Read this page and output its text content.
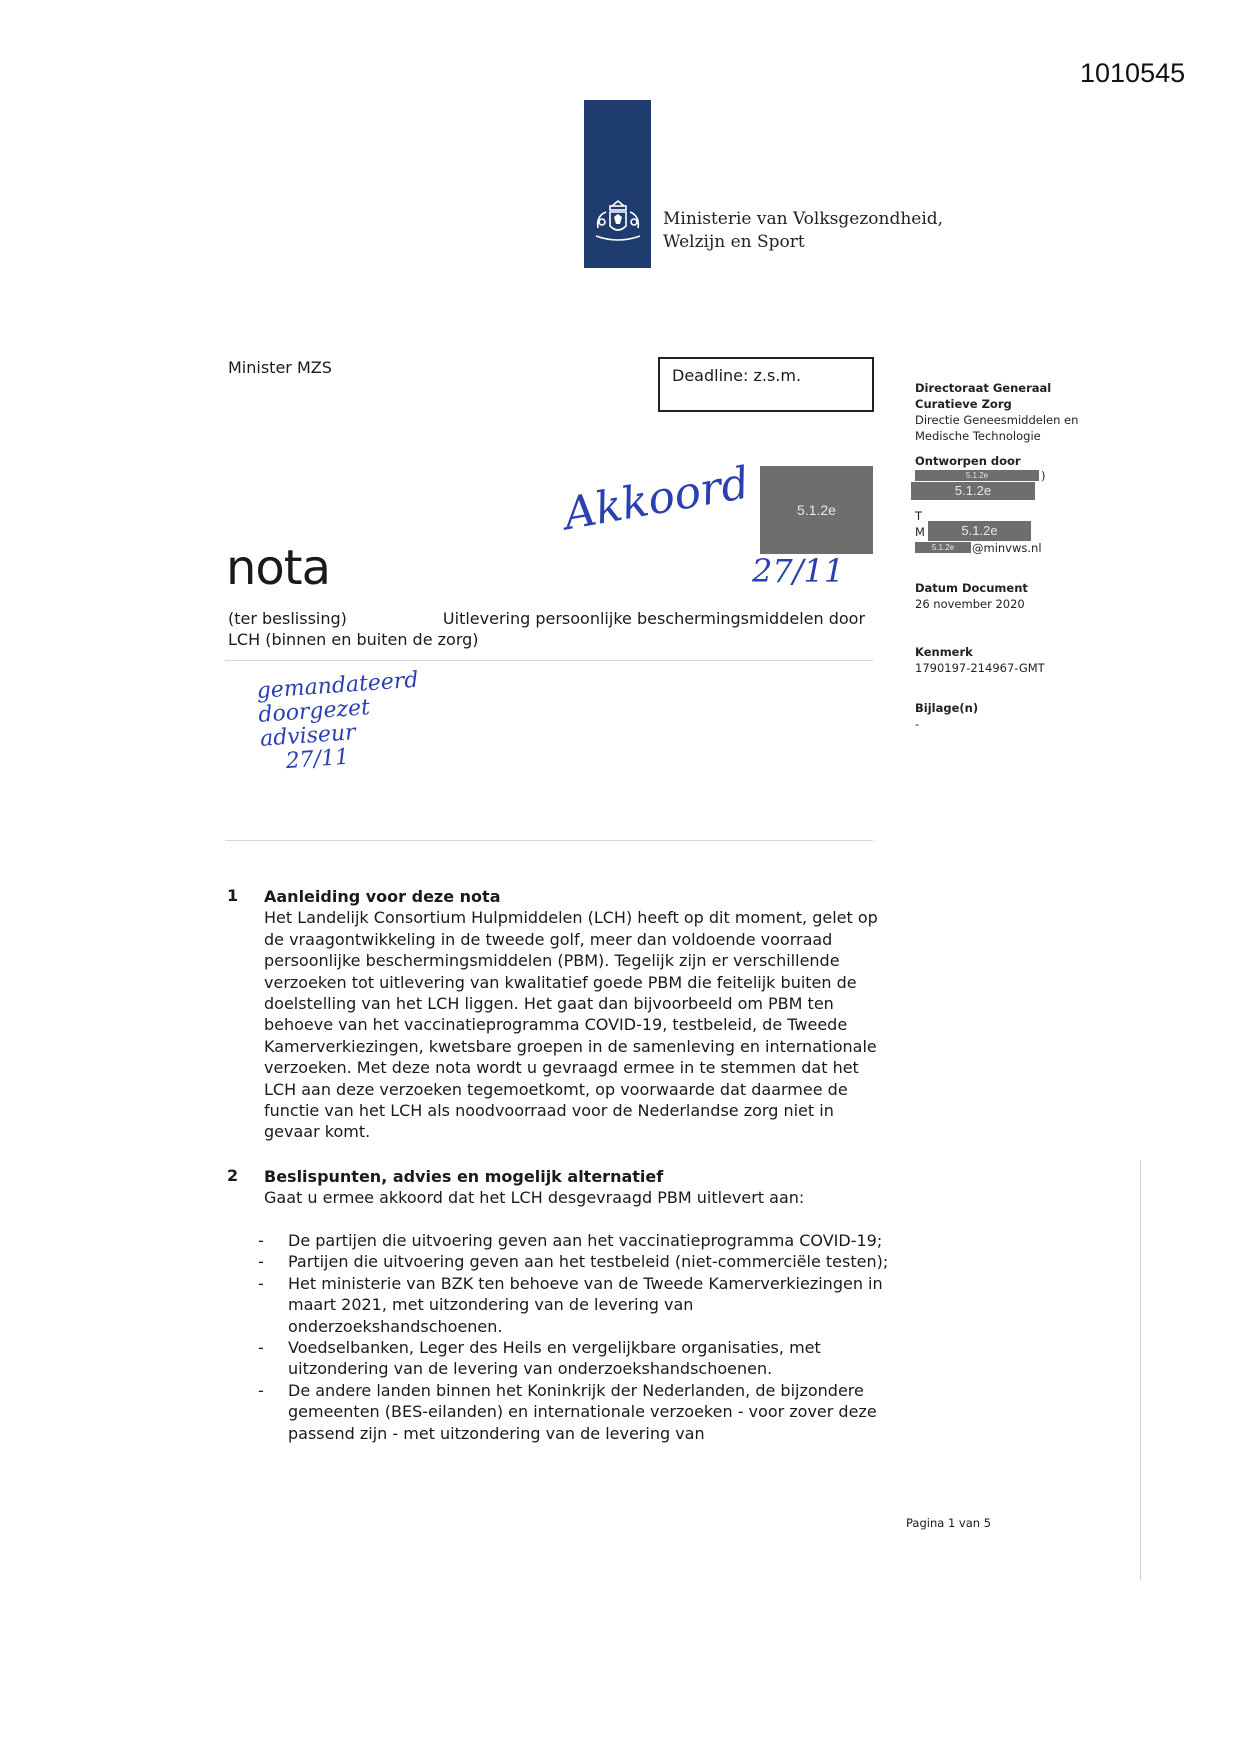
1010545
Ministerie van Volksgezondheid,
Welzijn en Sport
Minister MZS	Deadline: z.s.m.
Directoraat Generaal
Curatieve Zorg
Directie Geneesmiddelen en
Medische Technologie
Ontworpen door
5.1.2e	)
5.1.2e
T
M	5.1.2e
5.1.2e	@minvws.nl
Datum Document
26 november 2020
Kenmerk
1790197-214967-GMT
Bijlage(n)
-
5.1.2e
Akkoord
27/11
nota
(ter beslissing)	Uitlevering persoonlijke beschermingsmiddelen door
LCH (binnen en buiten de zorg)
gemandateerd
doorgezet
adviseur
27/11
1 Aanleiding voor deze nota

Het Landelijk Consortium Hulpmiddelen (LCH) heeft op dit moment, gelet op

de vraagontwikkeling in de tweede golf, meer dan voldoende voorraad

persoonlijke beschermingsmiddelen (PBM). Tegelijk zijn er verschillende

verzoeken tot uitlevering van kwalitatief goede PBM die feitelijk buiten de

doelstelling van het LCH liggen. Het gaat dan bijvoorbeeld om PBM ten

behoeve van het vaccinatieprogramma COVID-19, testbeleid, de Tweede

Kamerverkiezingen, kwetsbare groepen in de samenleving en internationale

verzoeken. Met deze nota wordt u gevraagd ermee in te stemmen dat het

LCH aan deze verzoeken tegemoetkomt, op voorwaarde dat daarmee de

functie van het LCH als noodvoorraad voor de Nederlandse zorg niet in

gevaar komt.

2 Beslispunten, advies en mogelijk alternatief

Gaat u ermee akkoord dat het LCH desgevraagd PBM uitlevert aan:

- De partijen die uitvoering geven aan het vaccinatieprogramma COVID-19;
- Partijen die uitvoering geven aan het testbeleid (niet-commerciële testen);
- Het ministerie van BZK ten behoeve van de Tweede Kamerverkiezingen in
maart 2021, met uitzondering van de levering van
onderzoekshandschoenen.
- Voedselbanken, Leger des Heils en vergelijkbare organisaties, met
uitzondering van de levering van onderzoekshandschoenen.
- De andere landen binnen het Koninkrijk der Nederlanden, de bijzondere
gemeenten (BES-eilanden) en internationale verzoeken - voor zover deze
passend zijn - met uitzondering van de levering van
Pagina 1 van 5
